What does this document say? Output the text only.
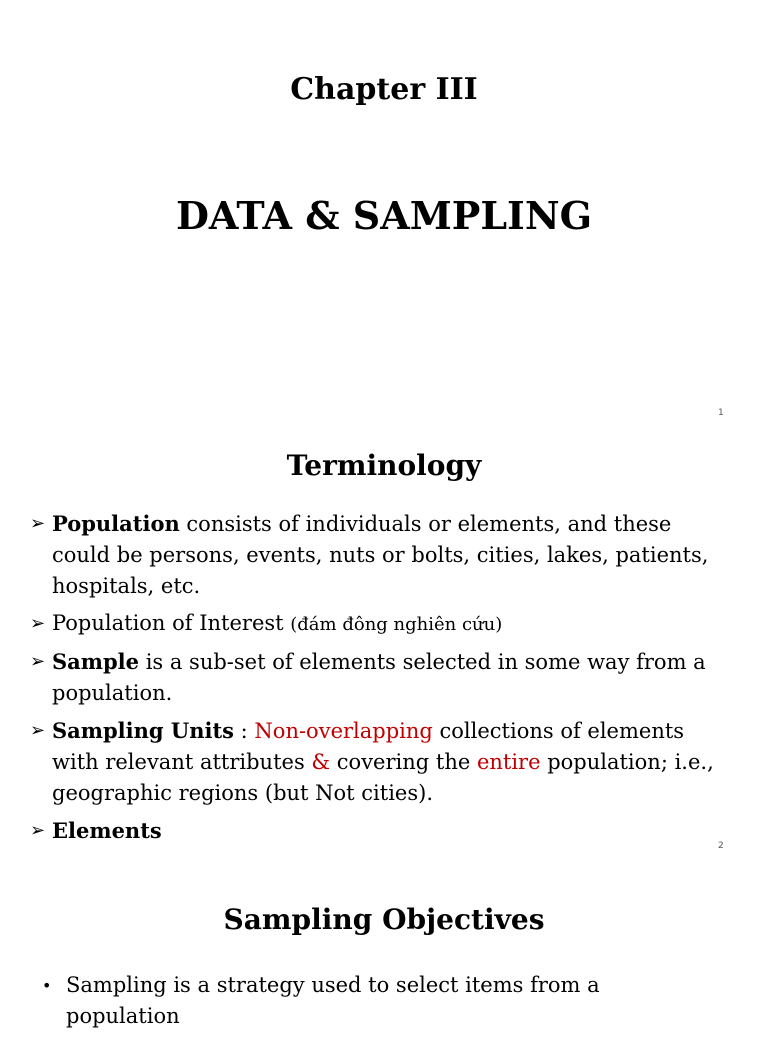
Chapter III
DATA & SAMPLING
1
Terminology
➢ Population consists of individuals or elements, and these could be persons, events, nuts or bolts, cities, lakes, patients, hospitals, etc.
➢ Population of Interest (đám đông nghiên cứu)
➢ Sample is a sub-set of elements selected in some way from a population.
➢ Sampling Units : Non-overlapping collections of elements with relevant attributes & covering the entire population; i.e., geographic regions (but Not cities).
➢ Elements
2
Sampling Objectives
• Sampling is a strategy used to select items from a population
